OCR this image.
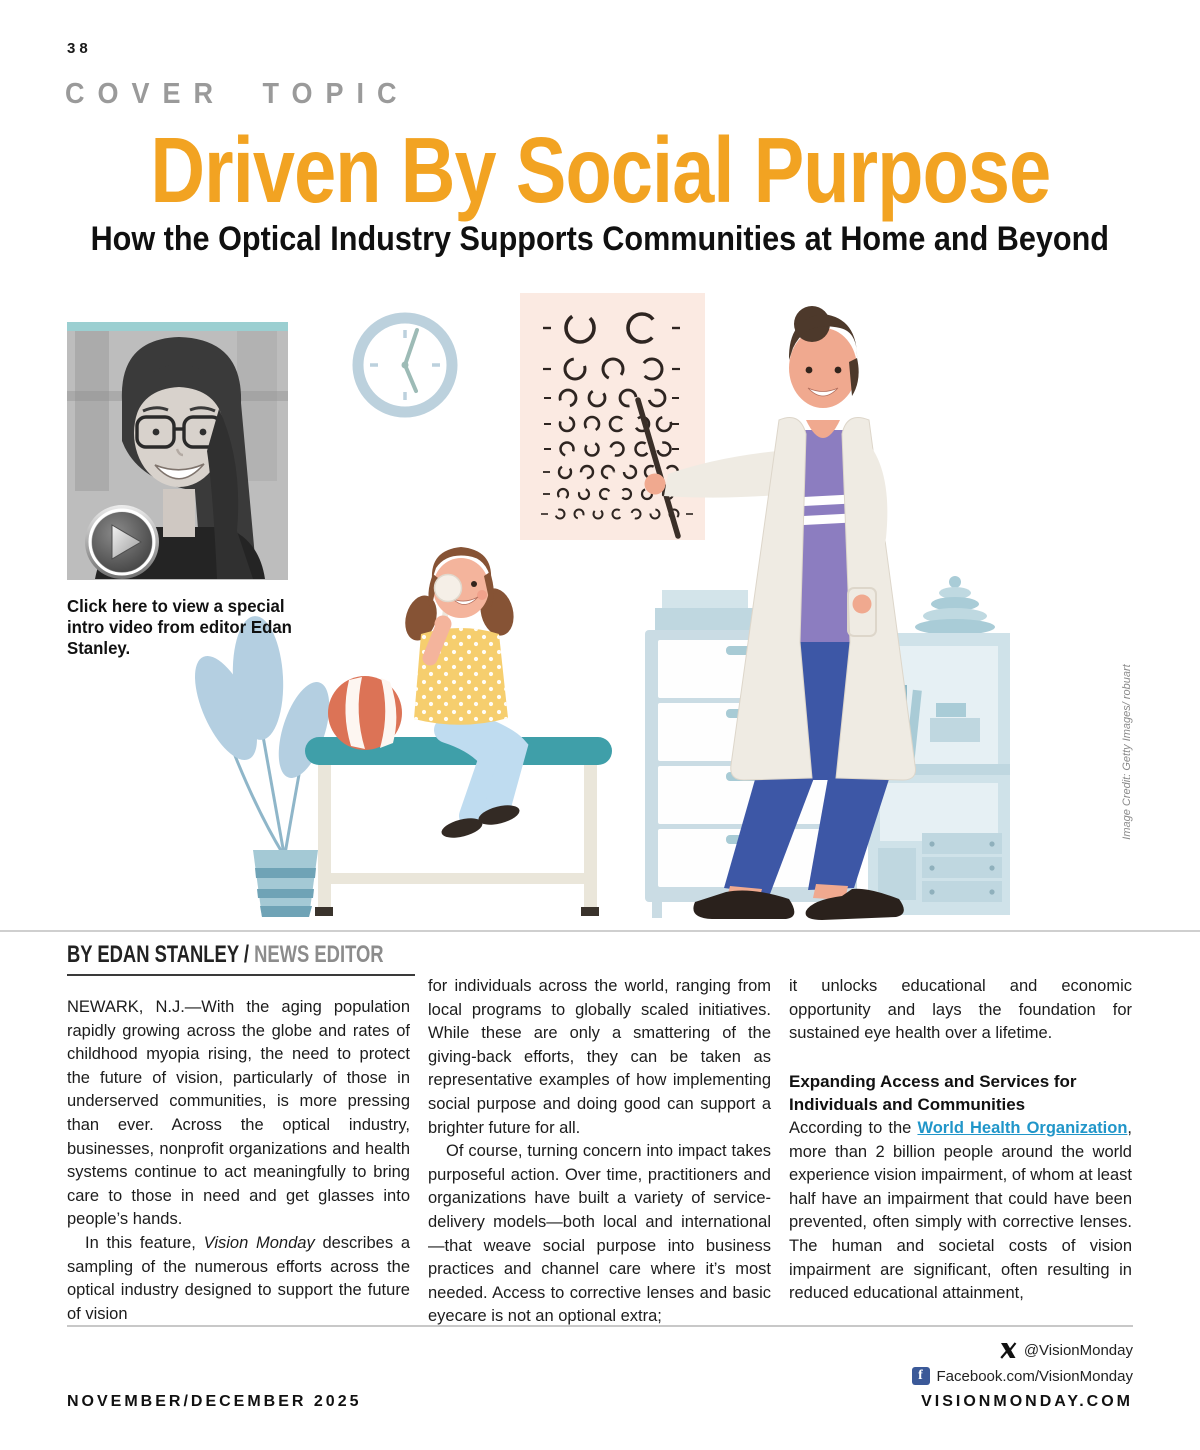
38
COVER TOPIC
Driven By Social Purpose
How the Optical Industry Supports Communities at Home and Beyond
Click here to view a special intro video from editor Edan Stanley.
Image Credit: Getty Images/ robuart
BY EDAN STANLEY / NEWS EDITOR

NEWARK, N.J.—With the aging population rapidly growing across the globe and rates of childhood myopia rising, the need to protect the future of vision, particularly of those in underserved communities, is more pressing than ever. Across the optical industry, businesses, nonprofit organizations and health systems continue to act meaningfully to bring care to those in need and get glasses into people’s hands.

In this feature, Vision Monday describes a sampling of the numerous efforts across the optical industry designed to support the future of vision

for individuals across the world, ranging from local programs to globally scaled initiatives. While these are only a smattering of the giving-back efforts, they can be taken as representative examples of how implementing social purpose and doing good can support a brighter future for all.

Of course, turning concern into impact takes purposeful action. Over time, practitioners and organizations have built a variety of service-delivery models—both local and international—that weave social purpose into business practices and channel care where it’s most needed. Access to corrective lenses and basic eyecare is not an optional extra;

it unlocks educational and economic opportunity and lays the foundation for sustained eye health over a lifetime.

Expanding Access and Services for Individuals and Communities

According to the World Health Organization, more than 2 billion people around the world experience vision impairment, of whom at least half have an impairment that could have been prevented, often simply with corrective lenses. The human and societal costs of vision impairment are significant, often resulting in reduced educational attainment,

@VisionMonday
f Facebook.com/VisionMonday
NOVEMBER/DECEMBER 2025	VISIONMONDAY.COM
